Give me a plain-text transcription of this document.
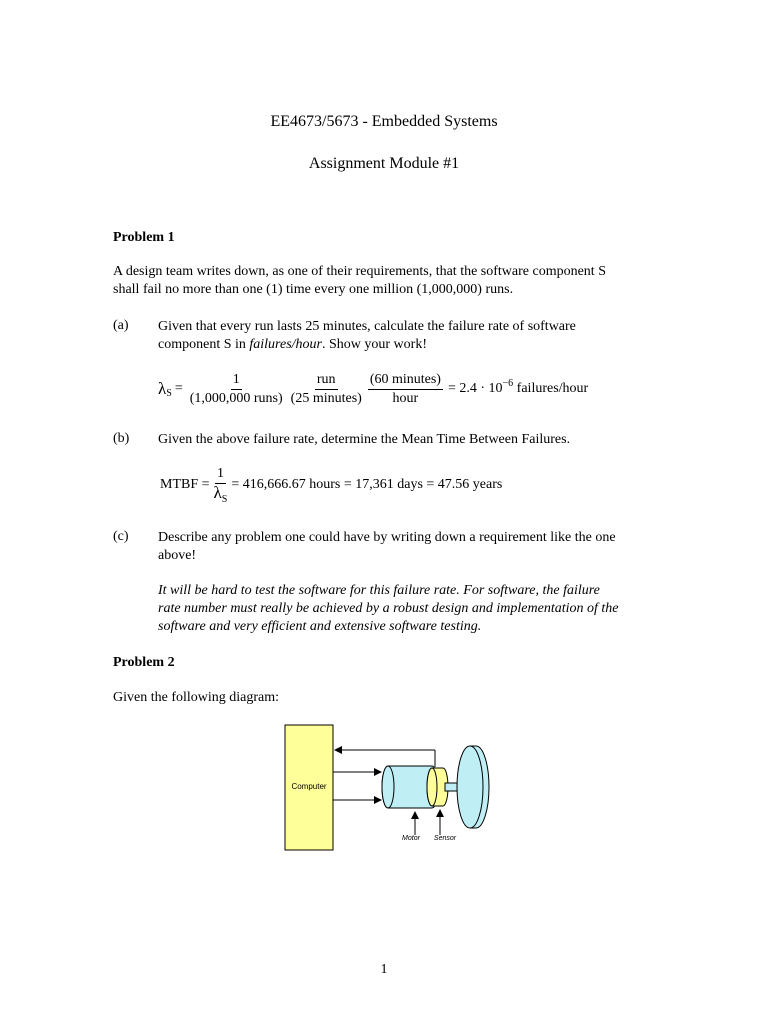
EE4673/5673 - Embedded Systems
Assignment Module #1
Problem 1
A design team writes down, as one of their requirements, that the software component S
shall fail no more than one (1) time every one million (1,000,000) runs.
(a) Given that every run lasts 25 minutes, calculate the failure rate of software
component S in failures/hour. Show your work!
λ $S = \frac{1}{\text{(1,000,000 runs)}} \frac{\text{run}}{\text{(25 minutes)}} \frac{\text{(60 minutes)}}{\text{hour}} = 2.4 \cdot 10^{-6}$ failures/hour
(b) Given the above failure rate, determine the Mean Time Between Failures.
MTBF = $\frac{1}{\lambda_S} = 416,666.67$ hours = 17,361 days = 47.56 years
(c) Describe any problem one could have by writing down a requirement like the one
above!
It will be hard to test the software for this failure rate. For software, the failure
rate number must really be achieved by a robust design and implementation of the
software and very efficient and extensive software testing.
Problem 2
Given the following diagram:
Computer
Motor Sensor
1
